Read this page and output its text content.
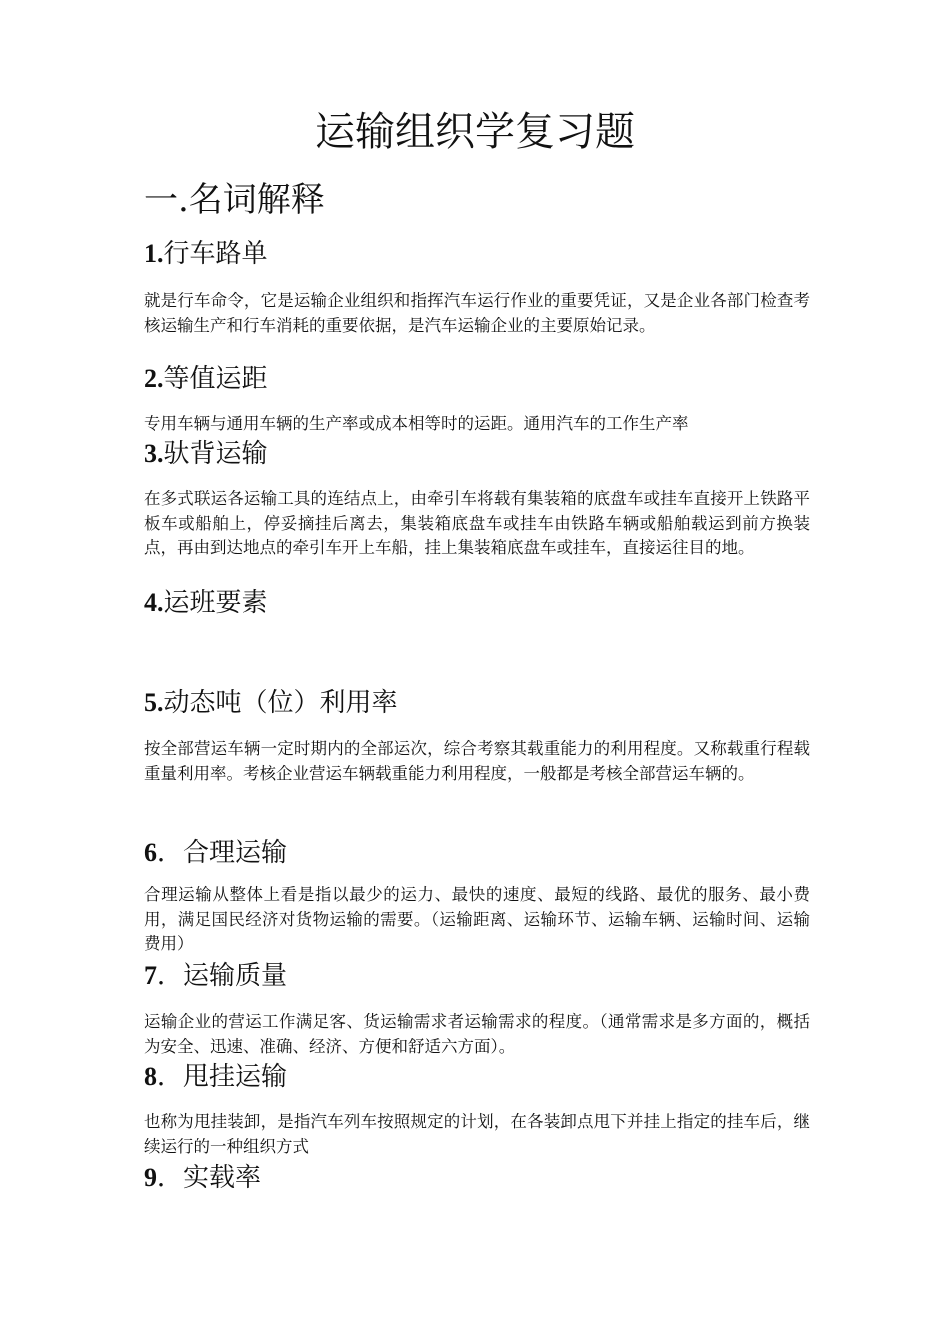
运输组织学复习题
一.名词解释
1.行车路单

就是行车命令，它是运输企业组织和指挥汽车运行作业的重要凭证，又是企业各部门检查考核运输生产和行车消耗的重要依据，是汽车运输企业的主要原始记录。

2.等值运距

专用车辆与通用车辆的生产率或成本相等时的运距。通用汽车的工作生产率

3.驮背运输

在多式联运各运输工具的连结点上，由牵引车将载有集装箱的底盘车或挂车直接开上铁路平板车或船舶上，停妥摘挂后离去，集装箱底盘车或挂车由铁路车辆或船舶载运到前方换装点，再由到达地点的牵引车开上车船，挂上集装箱底盘车或挂车，直接运往目的地。

4.运班要素
5.动态吨（位）利用率

按全部营运车辆一定时期内的全部运次，综合考察其载重能力的利用程度。又称载重行程载重量利用率。考核企业营运车辆载重能力利用程度，一般都是考核全部营运车辆的。

6．合理运输

合理运输从整体上看是指以最少的运力、最快的速度、最短的线路、最优的服务、最小费用，满足国民经济对货物运输的需要。（运输距离、运输环节、运输车辆、运输时间、运输费用）

7．运输质量

运输企业的营运工作满足客、货运输需求者运输需求的程度。（通常需求是多方面的，概括为安全、迅速、准确、经济、方便和舒适六方面）。

8．甩挂运输

也称为甩挂装卸，是指汽车列车按照规定的计划，在各装卸点甩下并挂上指定的挂车后，继续运行的一种组织方式

9．实载率
